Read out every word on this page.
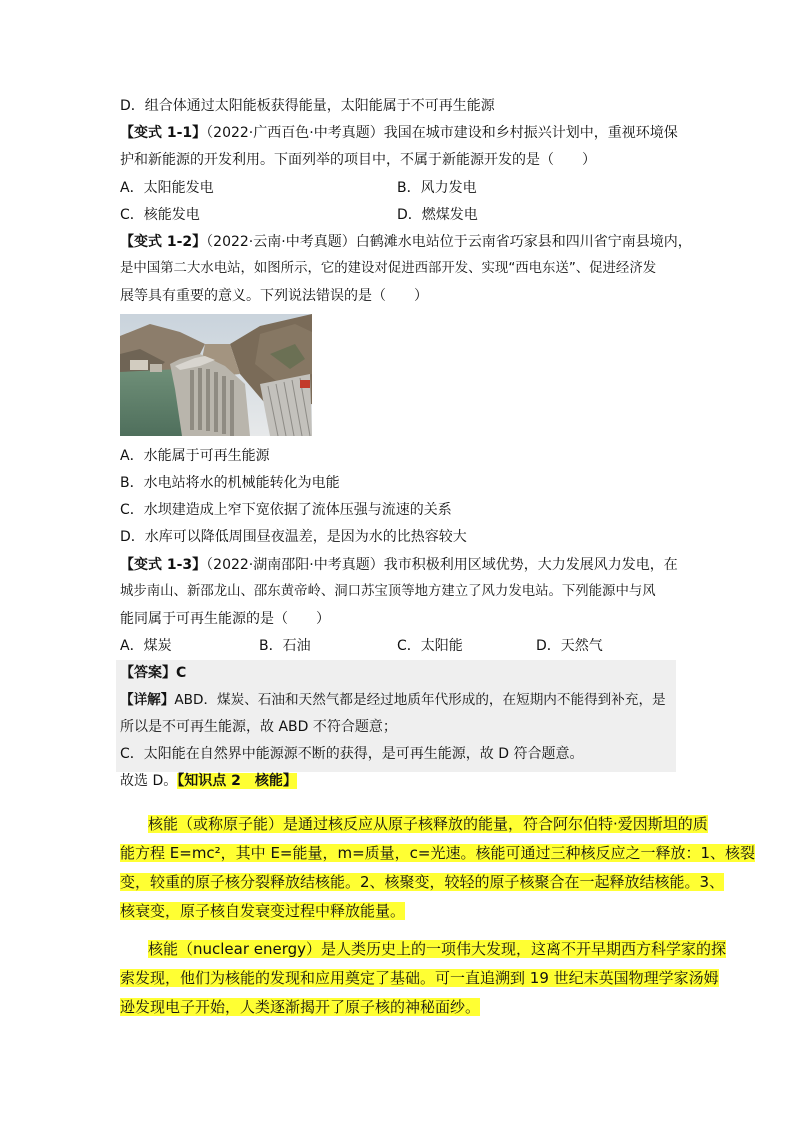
D．组合体通过太阳能板获得能量，太阳能属于不可再生能源
【变式 1-1】（2022·广西百色·中考真题）我国在城市建设和乡村振兴计划中，重视环境保
护和新能源的开发利用。下面列举的项目中，不属于新能源开发的是（　　）
A．太阳能发电	B．风力发电
C．核能发电	D．燃煤发电
【变式 1-2】（2022·云南·中考真题）白鹤滩水电站位于云南省巧家县和四川省宁南县境内，
是中国第二大水电站，如图所示，它的建设对促进西部开发、实现“西电东送”、促进经济发
展等具有重要的意义。下列说法错误的是（　　）
A．水能属于可再生能源
B．水电站将水的机械能转化为电能
C．水坝建造成上窄下宽依据了流体压强与流速的关系
D．水库可以降低周围昼夜温差，是因为水的比热容较大
【变式 1-3】（2022·湖南邵阳·中考真题）我市积极利用区域优势，大力发展风力发电，在
城步南山、新邵龙山、邵东黄帝岭、洞口苏宝顶等地方建立了风力发电站。下列能源中与风
能同属于可再生能源的是（　　）
A．煤炭	B．石油	C．太阳能	D．天然气
【答案】C
【详解】ABD．煤炭、石油和天然气都是经过地质年代形成的，在短期内不能得到补充，是
所以是不可再生能源，故 ABD 不符合题意；
C．太阳能在自然界中能源源不断的获得，是可再生能源，故 D 符合题意。
故选 D。【知识点 2　核能】
核能（或称原子能）是通过核反应从原子核释放的能量，符合阿尔伯特·爱因斯坦的质
能方程 E=mc²，其中 E=能量，m=质量，c=光速。核能可通过三种核反应之一释放：1、核裂
变，较重的原子核分裂释放结核能。2、核聚变，较轻的原子核聚合在一起释放结核能。3、
核衰变，原子核自发衰变过程中释放能量。
核能（nuclear energy）是人类历史上的一项伟大发现，这离不开早期西方科学家的探
索发现，他们为核能的发现和应用奠定了基础。可一直追溯到 19 世纪末英国物理学家汤姆
逊发现电子开始，人类逐渐揭开了原子核的神秘面纱。
